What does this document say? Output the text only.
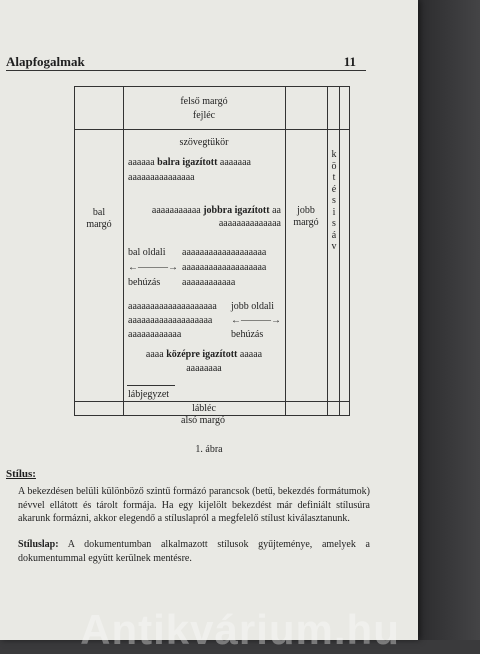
Alapfogalmak	11
felső margó
fejléc
szövegtükör
bal
margó
jobb
margó
k
ö
t
é
s
i
s
á
v
aaaaaa balra igazított aaaaaaa
aaaaaaaaaaaaaaa
aaaaaaaaaaa jobbra igazított aa
aaaaaaaaaaaaaa
bal oldali
←———→
behúzás
aaaaaaaaaaaaaaaaaaa
aaaaaaaaaaaaaaaaaaa
aaaaaaaaaaaa
aaaaaaaaaaaaaaaaaaaa
aaaaaaaaaaaaaaaaaaa
aaaaaaaaaaaa
jobb oldali
←———→
behúzás
aaaa középre igazított aaaaa
aaaaaaaa
lábjegyzet
lábléc
alsó margó
1. ábra
Stílus:
A bekezdésen belüli különböző szintű formázó parancsok (betű, bekezdés formátumok) névvel ellátott és tárolt formája. Ha egy kijelölt bekezdést már definiált stílusúra akarunk formázni, akkor elegendő a stíluslapról a megfelelő stílust kiválasztanunk.
Stíluslap: A dokumentumban alkalmazott stílusok gyűjteménye, amelyek a dokumentummal együtt kerülnek mentésre.
Antikvárium.hu
